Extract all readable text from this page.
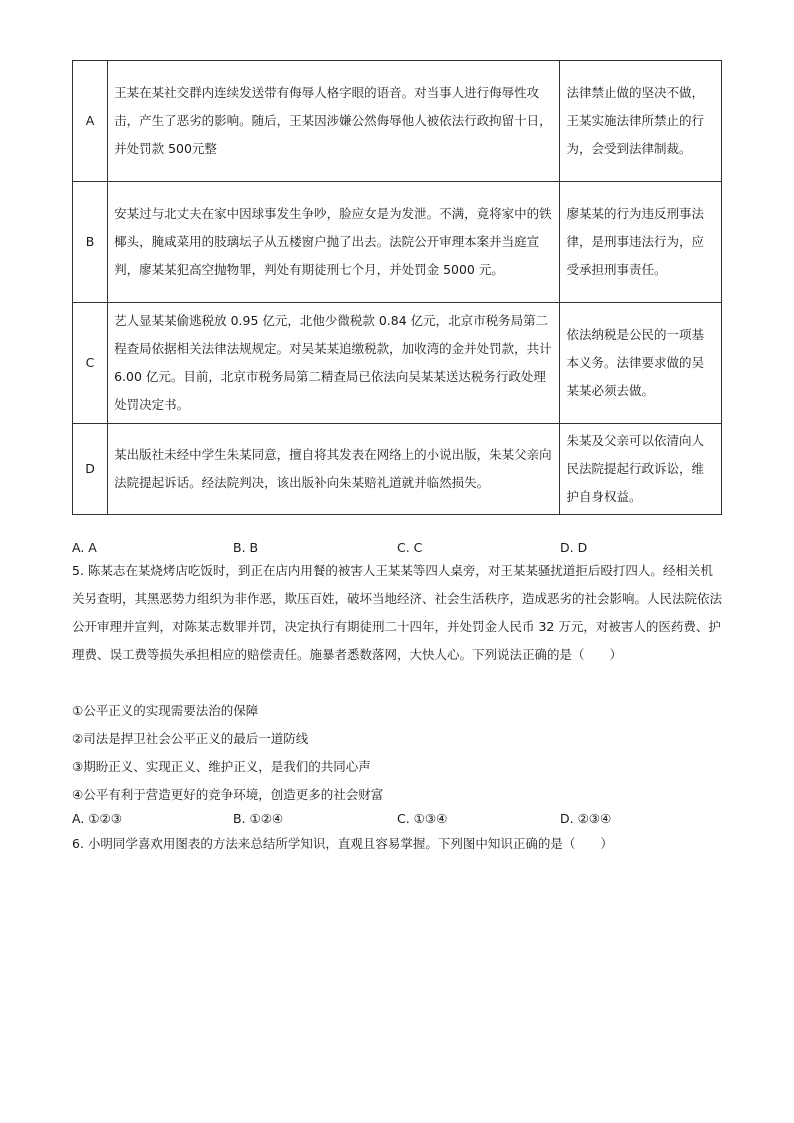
A	王某在某社交群内连续发送带有侮辱人格字眼的语音。对当事人进行侮辱性攻击，产生了恶劣的影响。随后，王某因涉嫌公然侮辱他人被依法行政拘留十日，并处罚款 500元整	法律禁止做的坚决不做，王某实施法律所禁止的行为，会受到法律制裁。
B	安某过与北丈夫在家中因球事发生争吵，脸应女是为发泄。不满，竟将家中的铁椰头，腌咸菜用的肢璃坛子从五楼窗户抛了出去。法院公开审理本案并当庭宣判，廖某某犯高空抛物罪，判处有期徒刑七个月，并处罚金 5000 元。	廖某某的行为违反刑事法律，是刑事违法行为，应受承担刑事责任。
C	艺人显某某偷逃税放 0.95 亿元，北他少微税款 0.84 亿元，北京市税务局第二程查局依据相关法律法规规定。对吴某某追缴税款，加收湾的金并处罚款，共计 6.00 亿元。目前，北京市税务局第二精查局已依法向吴某某送达税务行政处理处罚决定书。	依法纳税是公民的一项基本义务。法律要求做的吴某某必须去做。
D	某出版社未经中学生朱某同意，擅自将其发表在网络上的小说出版，朱某父亲向法院提起诉话。经法院判决，该出版补向朱某赔礼道就并临然损失。	朱某及父亲可以依清向人民法院提起行政诉讼，维护自身权益。
A. A	B. B	C. C	D. D
5. 陈某志在某烧烤店吃饭时，到正在店内用餐的被害人王某某等四人桌旁，对王某某骚扰道拒后殴打四人。经相关机关另查明，其黑恶势力组织为非作恶，欺压百姓，破坏当地经济、社会生活秩序，造成恶劣的社会影响。人民法院依法公开审理并宣判，对陈某志数罪并罚，决定执行有期徒刑二十四年，并处罚金人民币 32 万元，对被害人的医药费、护理费、误工费等损失承担相应的赔偿责任。施暴者悉数落网，大快人心。下列说法正确的是（　　）
①公平正义的实现需要法治的保障
②司法是捍卫社会公平正义的最后一道防线
③期盼正义、实现正义、维护正义，是我们的共同心声
④公平有利于营造更好的竞争环境，创造更多的社会财富
A. ①②③	B. ①②④	C. ①③④	D. ②③④
6. 小明同学喜欢用图表的方法来总结所学知识，直观且容易掌握。下列图中知识正确的是（　　）
